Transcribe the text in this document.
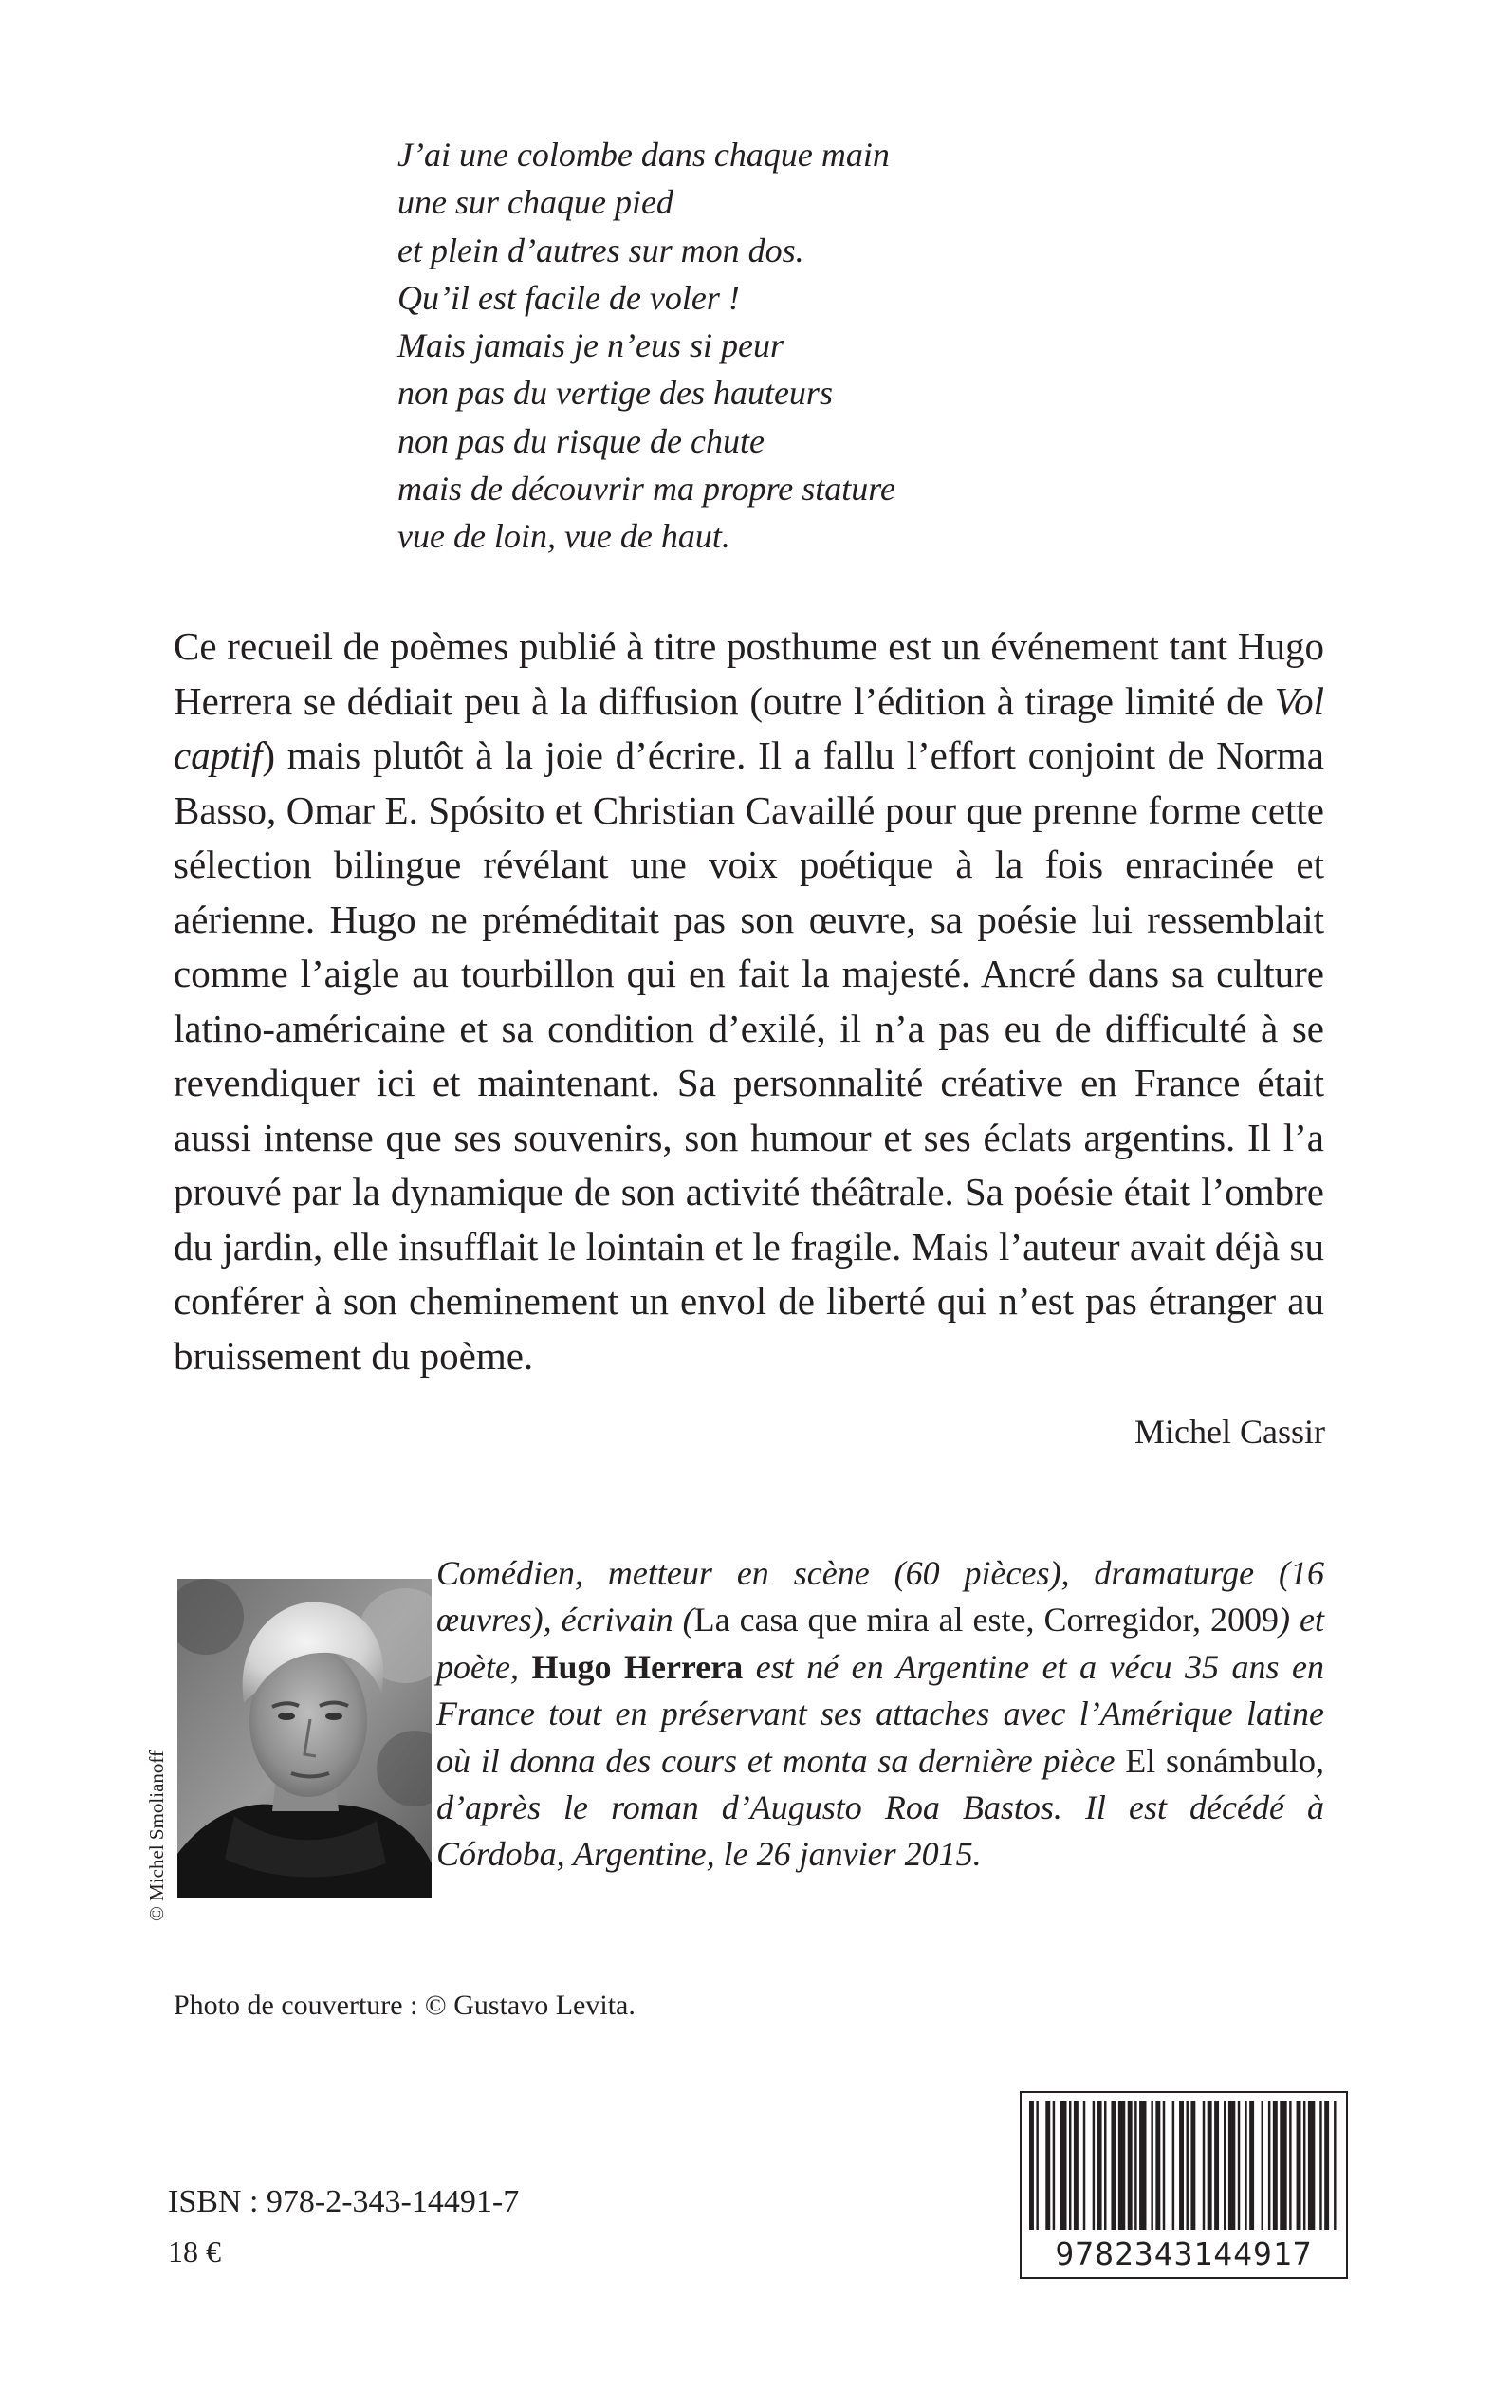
J’ai une colombe dans chaque main
une sur chaque pied
et plein d’autres sur mon dos.
Qu’il est facile de voler !
Mais jamais je n’eus si peur
non pas du vertige des hauteurs
non pas du risque de chute
mais de découvrir ma propre stature
vue de loin, vue de haut.

Ce recueil de poèmes publié à titre posthume est un événement tant Hugo Herrera se dédiait peu à la diffusion (outre l’édition à tirage limité de Vol captif) mais plutôt à la joie d’écrire. Il a fallu l’effort conjoint de Norma Basso, Omar E. Spósito et Christian Cavaillé pour que prenne forme cette sélection bilingue révélant une voix poétique à la fois enracinée et aérienne. Hugo ne préméditait pas son œuvre, sa poésie lui ressemblait comme l’aigle au tourbillon qui en fait la majesté. Ancré dans sa culture latino-américaine et sa condition d’exilé, il n’a pas eu de difficulté à se revendiquer ici et maintenant. Sa personnalité créative en France était aussi intense que ses souvenirs, son humour et ses éclats argentins. Il l’a prouvé par la dynamique de son activité théâtrale. Sa poésie était l’ombre du jardin, elle insufflait le lointain et le fragile. Mais l’auteur avait déjà su conférer à son cheminement un envol de liberté qui n’est pas étranger au bruissement du poème.

Michel Cassir
© Michel Smolianoff

Comédien, metteur en scène (60 pièces), dramaturge (16 œuvres), écrivain (La casa que mira al este, Corregidor, 2009) et poète, Hugo Herrera est né en Argentine et a vécu 35 ans en France tout en préservant ses attaches avec l’Amérique latine où il donna des cours et monta sa dernière pièce El sonámbulo, d’après le roman d’Augusto Roa Bastos. Il est décédé à Córdoba, Argentine, le 26 janvier 2015.

Photo de couverture : © Gustavo Levita.
ISBN : 978-2-343-14491-7
18 €	9782343144917
